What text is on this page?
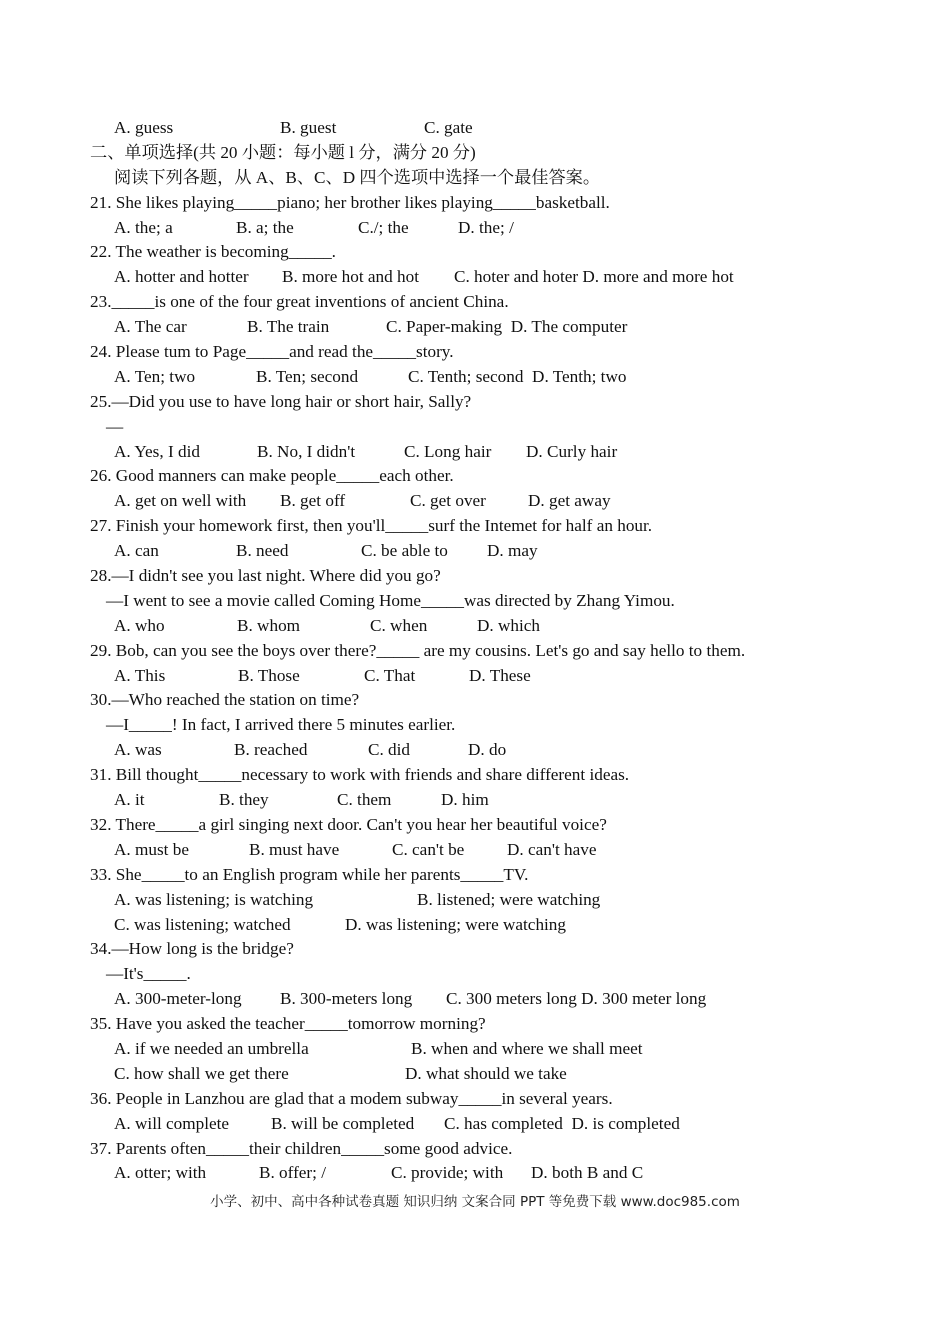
A. guess	B. guest	C. gate
二、单项选择(共 20 小题：每小题 l 分，满分 20 分)
阅读下列各题，从 A、B、C、D 四个选项中选择一个最佳答案。
21. She likes playing_____piano; her brother likes playing_____basketball.
A. the; a	B. a; the	C./; the	D. the; /
22. The weather is becoming_____.
A. hotter and hotter	B. more hot and hot	C. hoter and hoter D. more and more hot
23._____is one of the four great inventions of ancient China.
A. The car	B. The train	C. Paper-making  D. The computer
24. Please tum to Page_____and read the_____story.
A. Ten; two	B. Ten; second	C. Tenth; second  D. Tenth; two
25.—Did you use to have long hair or short hair, Sally?
—
A. Yes, I did	B. No, I didn't	C. Long hair	D. Curly hair
26. Good manners can make people_____each other.
A. get on well with	B. get off	C. get over	D. get away
27. Finish your homework first, then you'll_____surf the Intemet for half an hour.
A. can	B. need	C. be able to	D. may
28.—I didn't see you last night. Where did you go?
—I went to see a movie called Coming Home_____was directed by Zhang Yimou.
A. who	B. whom	C. when	D. which
29. Bob, can you see the boys over there?_____ are my cousins. Let's go and say hello to them.
A. This	B. Those	C. That	D. These
30.—Who reached the station on time?
—I_____! In fact, I arrived there 5 minutes earlier.
A. was	B. reached	C. did	D. do
31. Bill thought_____necessary to work with friends and share different ideas.
A. it	B. they	C. them	D. him
32. There_____a girl singing next door. Can't you hear her beautiful voice?
A. must be	B. must have	C. can't be	D. can't have
33. She_____to an English program while her parents_____TV.
A. was listening; is watching	B. listened; were watching
C. was listening; watched	D. was listening; were watching
34.—How long is the bridge?
—It's_____.
A. 300-meter-long	B. 300-meters long	C. 300 meters long D. 300 meter long
35. Have you asked the teacher_____tomorrow morning?
A. if we needed an umbrella	B. when and where we shall meet
C. how shall we get there	D. what should we take
36. People in Lanzhou are glad that a modem subway_____in several years.
A. will complete	B. will be completed	C. has completed  D. is completed
37. Parents often_____their children_____some good advice.
A. otter; with	B. offer; /	C. provide; with	D. both B and C
小学、初中、高中各种试卷真题 知识归纳 文案合同 PPT 等免费下载 www.doc985.com
